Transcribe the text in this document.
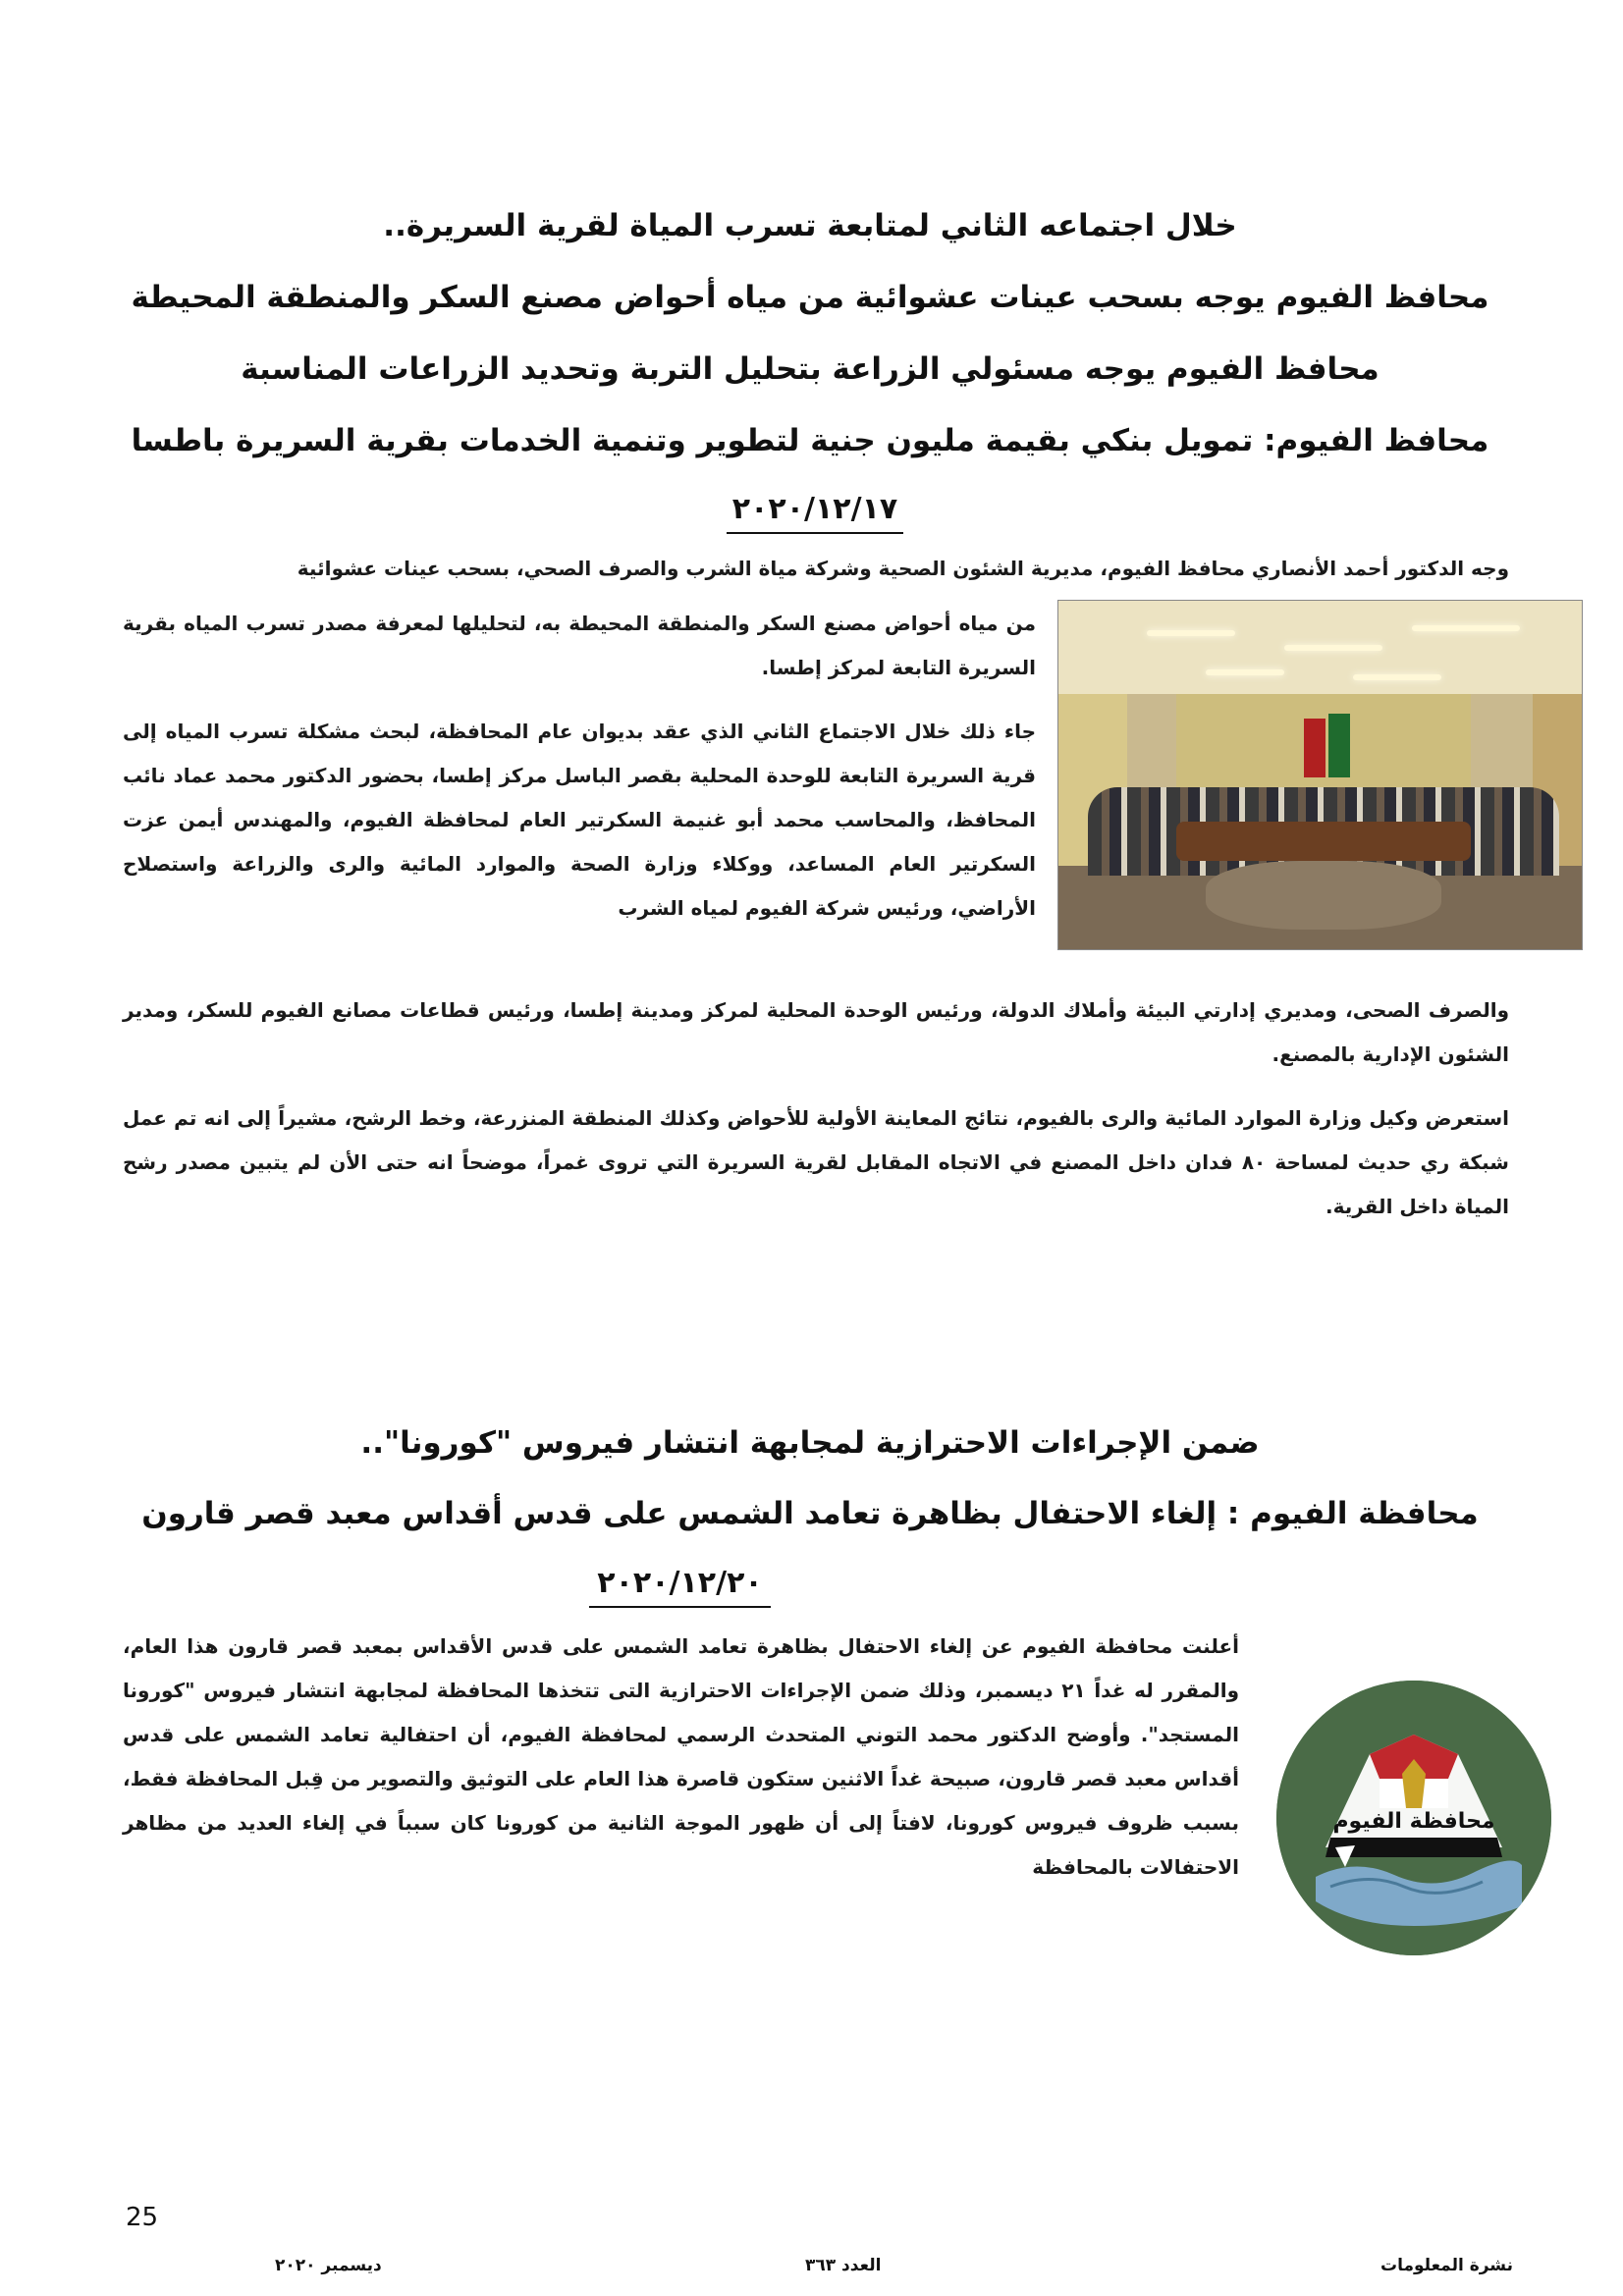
خلال اجتماعه الثاني لمتابعة تسرب المياة لقرية السريرة..
محافظ الفيوم يوجه بسحب عينات عشوائية من مياه أحواض مصنع السكر والمنطقة المحيطة
محافظ الفيوم يوجه مسئولي الزراعة بتحليل التربة وتحديد الزراعات المناسبة
محافظ الفيوم: تمويل بنكي بقيمة مليون جنية لتطوير وتنمية الخدمات بقرية السريرة باطسا
٢٠٢٠/١٢/١٧

وجه الدكتور أحمد الأنصاري محافظ الفيوم، مديرية الشئون الصحية وشركة مياة الشرب والصرف الصحي، بسحب عينات عشوائية

من مياه أحواض مصنع السكر والمنطقة المحيطة به، لتحليلها لمعرفة مصدر تسرب المياه بقرية السريرة التابعة لمركز إطسا.

جاء ذلك خلال الاجتماع الثاني الذي عقد بديوان عام المحافظة، لبحث مشكلة تسرب المياه إلى قرية السريرة التابعة للوحدة المحلية بقصر الباسل مركز إطسا، بحضور الدكتور محمد عماد نائب المحافظ، والمحاسب محمد أبو غنيمة السكرتير العام لمحافظة الفيوم، والمهندس أيمن عزت السكرتير العام المساعد، ووكلاء وزارة الصحة والموارد المائية والرى والزراعة واستصلاح الأراضي، ورئيس شركة الفيوم لمياه الشرب

والصرف الصحى، ومديري إدارتي البيئة وأملاك الدولة، ورئيس الوحدة المحلية لمركز ومدينة إطسا، ورئيس قطاعات مصانع الفيوم للسكر، ومدير الشئون الإدارية بالمصنع.

استعرض وكيل وزارة الموارد المائية والرى بالفيوم، نتائج المعاينة الأولية للأحواض وكذلك المنطقة المنزرعة، وخط الرشح، مشيراً إلى انه تم عمل شبكة ري حديث لمساحة ٨٠ فدان داخل المصنع في الاتجاه المقابل لقرية السريرة التي تروى غمراً، موضحاً انه حتى الأن لم يتبين مصدر رشح المياة داخل القرية.

ضمن الإجراءات الاحترازية لمجابهة انتشار فيروس "كورونا"..
محافظة الفيوم : إلغاء الاحتفال بظاهرة تعامد الشمس على قدس أقداس معبد قصر قارون
٢٠٢٠/١٢/٢٠

أعلنت محافظة الفيوم عن إلغاء الاحتفال بظاهرة تعامد الشمس على قدس الأقداس بمعبد قصر قارون هذا العام، والمقرر له غداً ٢١ ديسمبر، وذلك ضمن الإجراءات الاحترازية التى تتخذها المحافظة لمجابهة انتشار فيروس "كورونا المستجد". وأوضح الدكتور محمد التوني المتحدث الرسمي لمحافظة الفيوم، أن احتفالية تعامد الشمس على قدس أقداس معبد قصر قارون، صبيحة غداً الاثنين ستكون قاصرة هذا العام على التوثيق والتصوير من قِبل المحافظة فقط، بسبب ظروف فيروس كورونا، لافتاً إلى أن ظهور الموجة الثانية من كورونا كان سبباً في إلغاء العديد من مظاهر الاحتفالات بالمحافظة

محافظة الفيوم
25
نشرة المعلومات
العدد ٣٦٣
ديسمبر ٢٠٢٠
